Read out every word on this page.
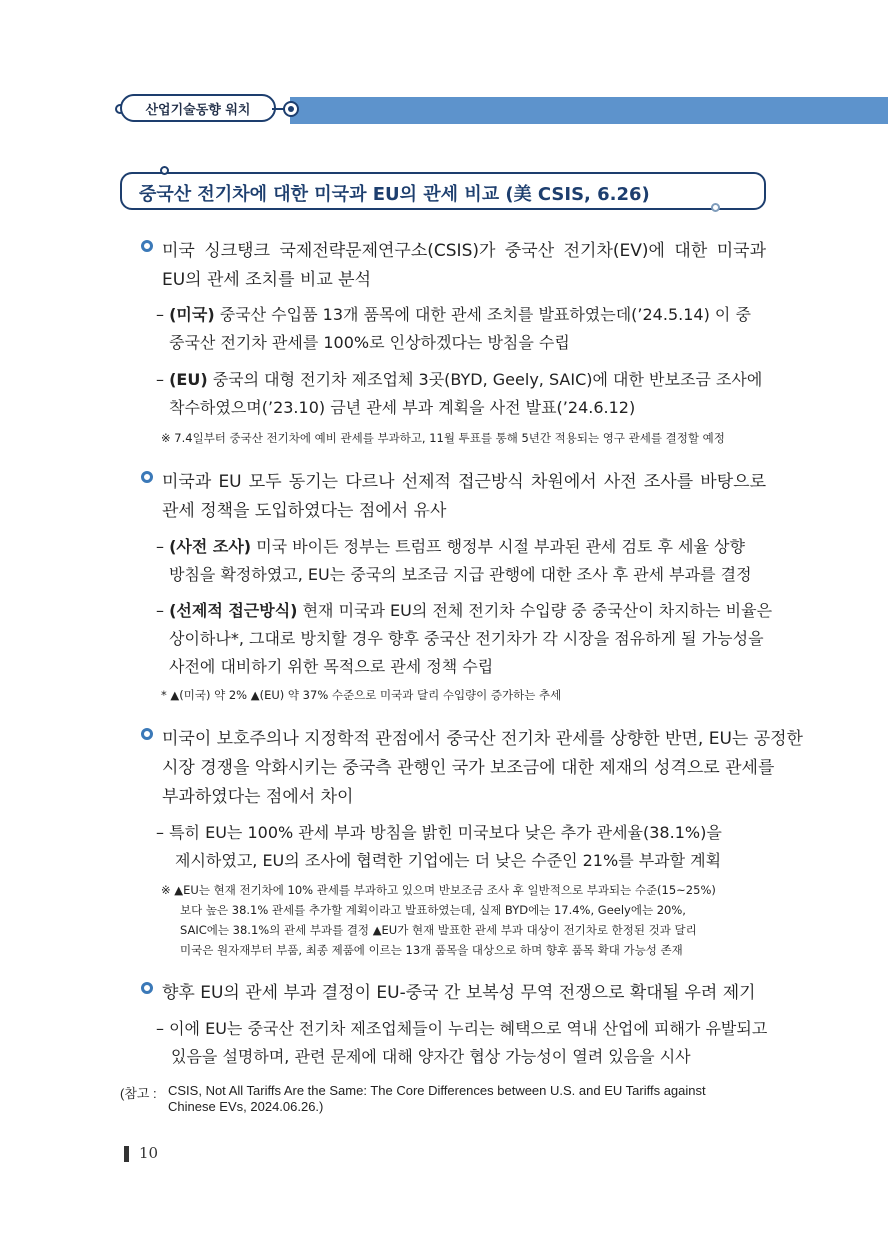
산업기술동향 워치
중국산 전기차에 대한 미국과 EU의 관세 비교 (美 CSIS, 6.26)
미국 싱크탱크 국제전략문제연구소(CSIS)가 중국산 전기차(EV)에 대한 미국과
EU의 관세 조치를 비교 분석
– (미국) 중국산 수입품 13개 품목에 대한 관세 조치를 발표하였는데(’24.5.14) 이 중
중국산 전기차 관세를 100%로 인상하겠다는 방침을 수립
– (EU) 중국의 대형 전기차 제조업체 3곳(BYD, Geely, SAIC)에 대한 반보조금 조사에
착수하였으며(’23.10) 금년 관세 부과 계획을 사전 발표(’24.6.12)
※ 7.4일부터 중국산 전기차에 예비 관세를 부과하고, 11월 투표를 통해 5년간 적용되는 영구 관세를 결정할 예정
미국과 EU 모두 동기는 다르나 선제적 접근방식 차원에서 사전 조사를 바탕으로
관세 정책을 도입하였다는 점에서 유사
– (사전 조사) 미국 바이든 정부는 트럼프 행정부 시절 부과된 관세 검토 후 세율 상향
방침을 확정하였고, EU는 중국의 보조금 지급 관행에 대한 조사 후 관세 부과를 결정
– (선제적 접근방식) 현재 미국과 EU의 전체 전기차 수입량 중 중국산이 차지하는 비율은
상이하나*, 그대로 방치할 경우 향후 중국산 전기차가 각 시장을 점유하게 될 가능성을
사전에 대비하기 위한 목적으로 관세 정책 수립
* ▲(미국) 약 2% ▲(EU) 약 37% 수준으로 미국과 달리 수입량이 증가하는 추세
미국이 보호주의나 지정학적 관점에서 중국산 전기차 관세를 상향한 반면, EU는 공정한
시장 경쟁을 악화시키는 중국측 관행인 국가 보조금에 대한 제재의 성격으로 관세를
부과하였다는 점에서 차이
– 특히 EU는 100% 관세 부과 방침을 밝힌 미국보다 낮은 추가 관세율(38.1%)을
제시하였고, EU의 조사에 협력한 기업에는 더 낮은 수준인 21%를 부과할 계획
※ ▲EU는 현재 전기차에 10% 관세를 부과하고 있으며 반보조금 조사 후 일반적으로 부과되는 수준(15~25%)
보다 높은 38.1% 관세를 추가할 계획이라고 발표하였는데, 실제 BYD에는 17.4%, Geely에는 20%,
SAIC에는 38.1%의 관세 부과를 결정 ▲EU가 현재 발표한 관세 부과 대상이 전기차로 한정된 것과 달리
미국은 원자재부터 부품, 최종 제품에 이르는 13개 품목을 대상으로 하며 향후 품목 확대 가능성 존재
향후 EU의 관세 부과 결정이 EU-중국 간 보복성 무역 전쟁으로 확대될 우려 제기
– 이에 EU는 중국산 전기차 제조업체들이 누리는 혜택으로 역내 산업에 피해가 유발되고
있음을 설명하며, 관련 문제에 대해 양자간 협상 가능성이 열려 있음을 시사
(참고 : CSIS, Not All Tariffs Are the Same: The Core Differences between U.S. and EU Tariffs against
Chinese EVs, 2024.06.26.)
10
